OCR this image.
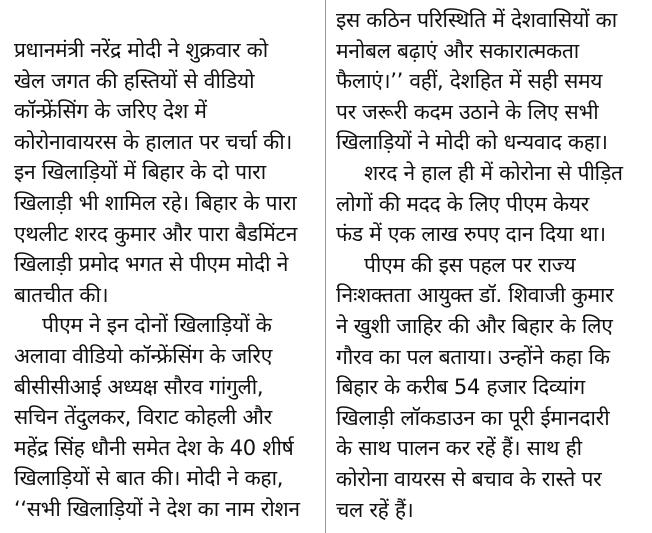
प्रधानमंत्री नरेंद्र मोदी ने शुक्रवार को
खेल जगत की हस्तियों से वीडियो
कॉन्फ्रेंसिंग के जरिए देश में
कोरोनावायरस के हालात पर चर्चा की।
इन खिलाड़ियों में बिहार के दो पारा
खिलाड़ी भी शामिल रहे। बिहार के पारा
एथलीट शरद कुमार और पारा बैडमिंटन
खिलाड़ी प्रमोद भगत से पीएम मोदी ने
बातचीत की।
पीएम ने इन दोनों खिलाड़ियों के
अलावा वीडियो कॉन्फ्रेंसिंग के जरिए
बीसीसीआई अध्यक्ष सौरव गांगुली,
सचिन तेंदुलकर, विराट कोहली और
महेंद्र सिंह धौनी समेत देश के 40 शीर्ष
खिलाड़ियों से बात की। मोदी ने कहा,
‘‘सभी खिलाड़ियों ने देश का नाम रोशन
इस कठिन परिस्थिति में देशवासियों का
मनोबल बढ़ाएं और सकारात्मकता
फैलाएं।’’ वहीं, देशहित में सही समय
पर जरूरी कदम उठाने के लिए सभी
खिलाड़ियों ने मोदी को धन्यवाद कहा।
शरद ने हाल ही में कोरोना से पीड़ित
लोगों की मदद के लिए पीएम केयर
फंड में एक लाख रुपए दान दिया था।
पीएम की इस पहल पर राज्य
निःशक्तता आयुक्त डॉ. शिवाजी कुमार
ने खुशी जाहिर की और बिहार के लिए
गौरव का पल बताया। उन्होंने कहा कि
बिहार के करीब 54 हजार दिव्यांग
खिलाड़ी लॉकडाउन का पूरी ईमानदारी
के साथ पालन कर रहें हैं। साथ ही
कोरोना वायरस से बचाव के रास्ते पर
चल रहें हैं।
